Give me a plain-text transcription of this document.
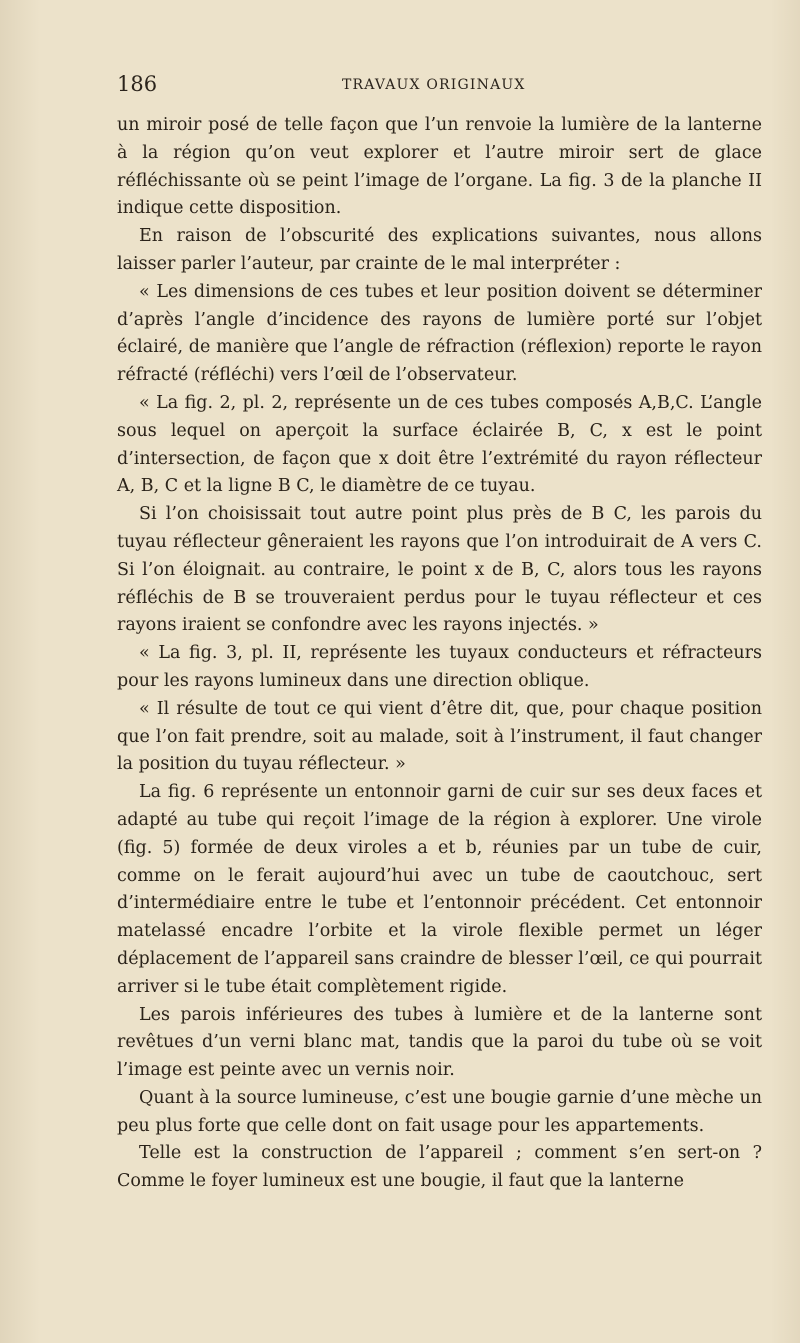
186	TRAVAUX ORIGINAUX

un miroir posé de telle façon que l’un renvoie la lumière de la lanterne à la région qu’on veut explorer et l’autre miroir sert de glace réfléchissante où se peint l’image de l’organe. La fig. 3 de la planche II indique cette disposition.

En raison de l’obscurité des explications suivantes, nous allons laisser parler l’auteur, par crainte de le mal interpréter :

« Les dimensions de ces tubes et leur position doivent se déterminer d’après l’angle d’incidence des rayons de lumière porté sur l’objet éclairé, de manière que l’angle de réfraction (réflexion) reporte le rayon réfracté (réfléchi) vers l’œil de l’observateur.

« La fig. 2, pl. 2, représente un de ces tubes composés A,B,C. L’angle sous lequel on aperçoit la surface éclairée B, C, x est le point d’intersection, de façon que x doit être l’extrémité du rayon réflecteur A, B, C et la ligne B C, le diamètre de ce tuyau.

Si l’on choisissait tout autre point plus près de B C, les parois du tuyau réflecteur gêneraient les rayons que l’on introduirait de A vers C. Si l’on éloignait. au contraire, le point x de B, C, alors tous les rayons réfléchis de B se trouveraient perdus pour le tuyau réflecteur et ces rayons iraient se confondre avec les rayons injectés. »

« La fig. 3, pl. II, représente les tuyaux conducteurs et réfracteurs pour les rayons lumineux dans une direction oblique.

« Il résulte de tout ce qui vient d’être dit, que, pour chaque position que l’on fait prendre, soit au malade, soit à l’instrument, il faut changer la position du tuyau réflecteur. »

La fig. 6 représente un entonnoir garni de cuir sur ses deux faces et adapté au tube qui reçoit l’image de la région à explorer. Une virole (fig. 5) formée de deux viroles a et b, réunies par un tube de cuir, comme on le ferait aujourd’hui avec un tube de caoutchouc, sert d’intermédiaire entre le tube et l’entonnoir précédent. Cet entonnoir matelassé encadre l’orbite et la virole flexible permet un léger déplacement de l’appareil sans craindre de blesser l’œil, ce qui pourrait arriver si le tube était complètement rigide.

Les parois inférieures des tubes à lumière et de la lanterne sont revêtues d’un verni blanc mat, tandis que la paroi du tube où se voit l’image est peinte avec un vernis noir.

Quant à la source lumineuse, c’est une bougie garnie d’une mèche un peu plus forte que celle dont on fait usage pour les appartements.

Telle est la construction de l’appareil ; comment s’en sert-on ? Comme le foyer lumineux est une bougie, il faut que la lanterne
